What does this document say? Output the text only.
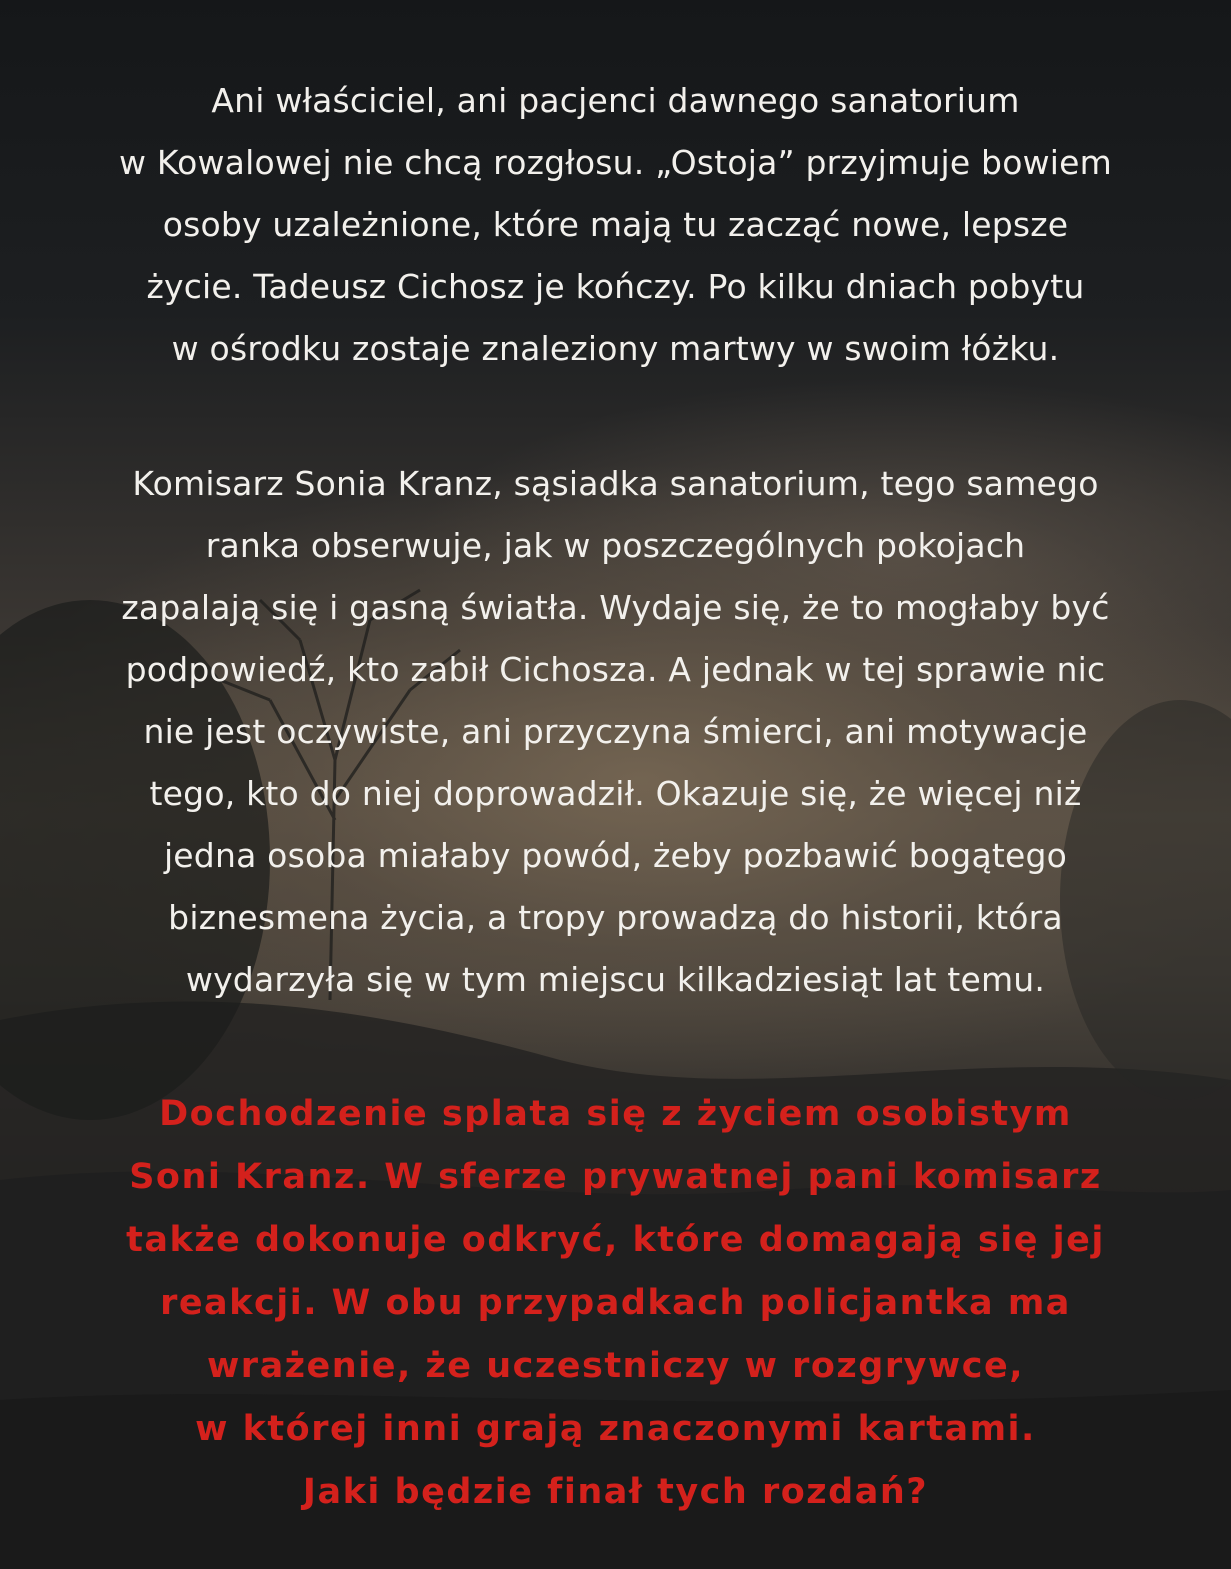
Ani właściciel, ani pacjenci dawnego sanatorium
w Kowalowej nie chcą rozgłosu. „Ostoja” przyjmuje bowiem
osoby uzależnione, które mają tu zacząć nowe, lepsze
życie. Tadeusz Cichosz je kończy. Po kilku dniach pobytu
w ośrodku zostaje znaleziony martwy w swoim łóżku.
Komisarz Sonia Kranz, sąsiadka sanatorium, tego samego
ranka obserwuje, jak w poszczególnych pokojach
zapalają się i gasną światła. Wydaje się, że to mogłaby być
podpowiedź, kto zabił Cichosza. A jednak w tej sprawie nic
nie jest oczywiste, ani przyczyna śmierci, ani motywacje
tego, kto do niej doprowadził. Okazuje się, że więcej niż
jedna osoba miałaby powód, żeby pozbawić bogątego
biznesmena życia, a tropy prowadzą do historii, która
wydarzyła się w tym miejscu kilkadziesiąt lat temu.
Dochodzenie splata się z życiem osobistym
Soni Kranz. W sferze prywatnej pani komisarz
także dokonuje odkryć, które domagają się jej
reakcji. W obu przypadkach policjantka ma
wrażenie, że uczestniczy w rozgrywce,
w której inni grają znaczonymi kartami.
Jaki będzie finał tych rozdań?
